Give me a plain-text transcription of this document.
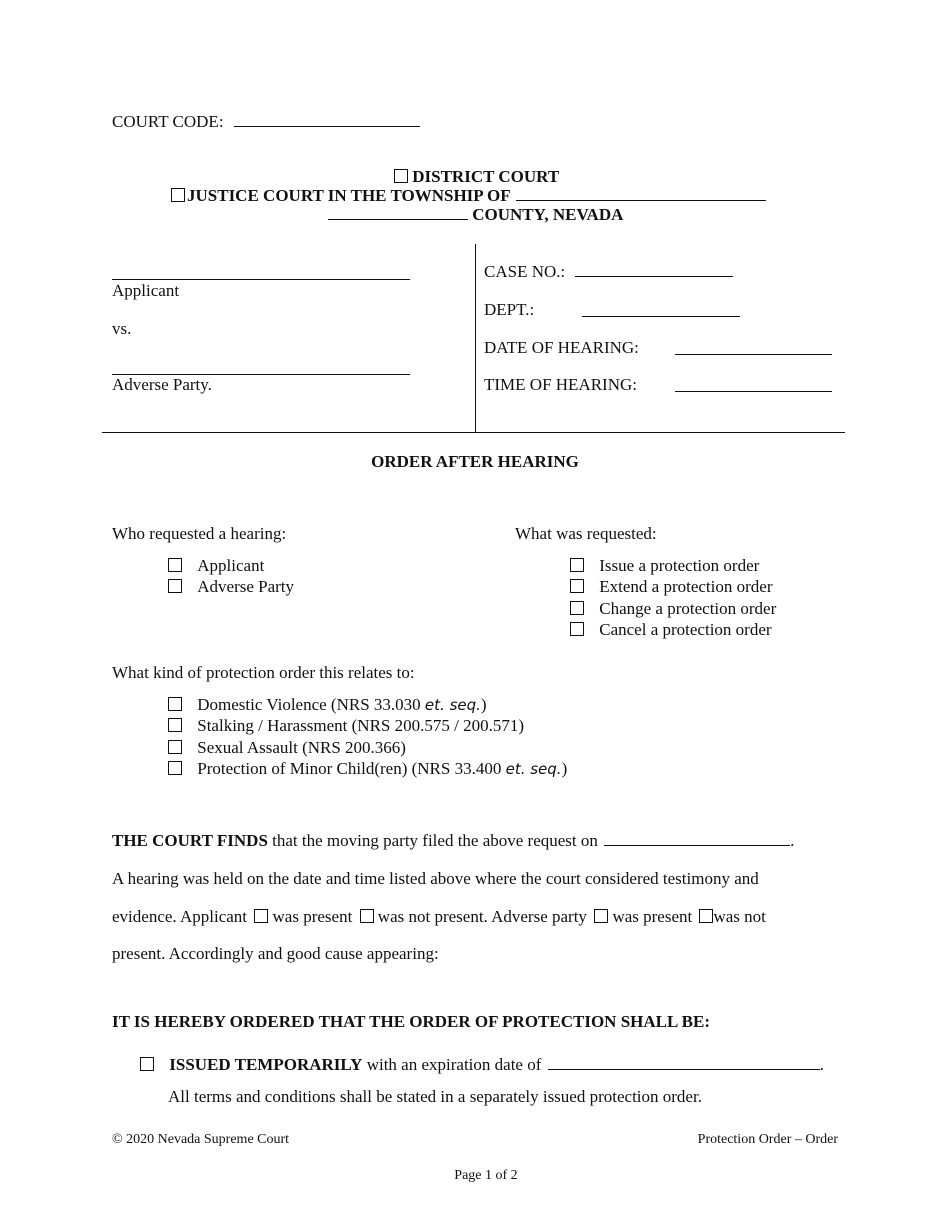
COURT CODE:
DISTRICT COURT
JUSTICE COURT IN THE TOWNSHIP OF
COUNTY, NEVADA
Applicant
vs.
Adverse Party.
CASE NO.:
DEPT.:
DATE OF HEARING:
TIME OF HEARING:
ORDER AFTER HEARING
Who requested a hearing:
Applicant
Adverse Party
What was requested:
Issue a protection order
Extend a protection order
Change a protection order
Cancel a protection order
What kind of protection order this relates to:
Domestic Violence (NRS 33.030 et. seq.)
Stalking / Harassment (NRS 200.575 / 200.571)
Sexual Assault (NRS 200.366)
Protection of Minor Child(ren) (NRS 33.400 et. seq.)
THE COURT FINDS that the moving party filed the above request on	.
A hearing was held on the date and time listed above where the court considered testimony and
evidence. Applicant was present was not present. Adverse party was present was not
present. Accordingly and good cause appearing:
IT IS HEREBY ORDERED THAT THE ORDER OF PROTECTION SHALL BE:
ISSUED TEMPORARILY with an expiration date of	.
All terms and conditions shall be stated in a separately issued protection order.
© 2020 Nevada Supreme Court	Protection Order – Order
Page 1 of 2
